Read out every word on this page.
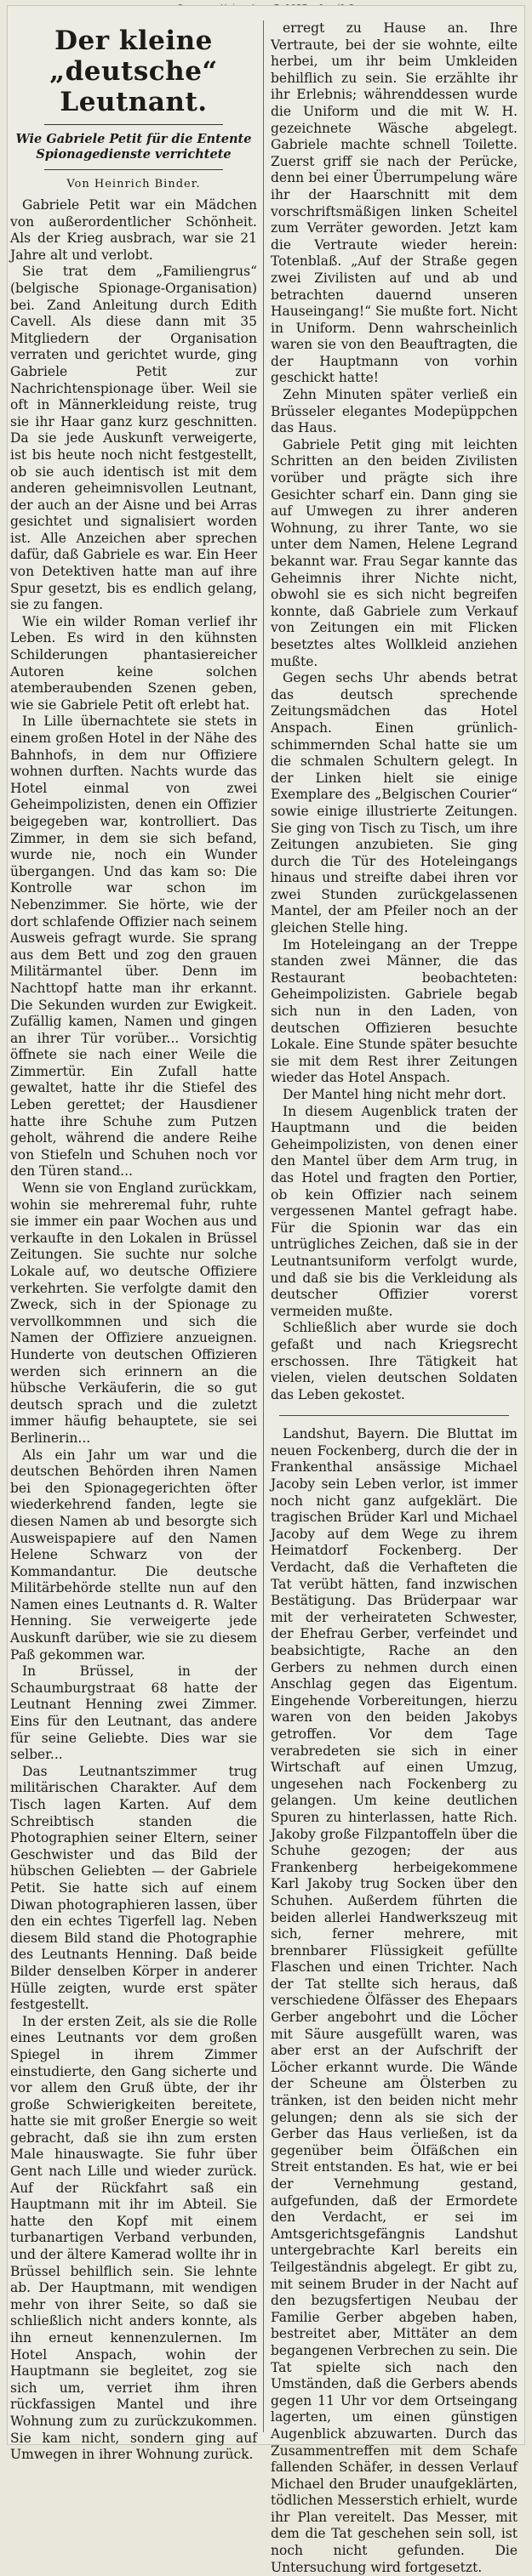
Der kleine „deutsche“ Leutnant.
Wie Gabriele Petit für die Entente Spionagedienste verrichtete
Von Heinrich Binder.

Gabriele Petit war ein Mädchen von außerordentlicher Schönheit. Als der Krieg ausbrach, war sie 21 Jahre alt und verlobt.

Sie trat dem „Familiengrus“ (belgische Spionage-Organisation) bei. Zand Anleitung durch Edith Cavell. Als diese dann mit 35 Mitgliedern der Organisation verraten und gerichtet wurde, ging Gabriele Petit zur Nachrichtenspionage über. Weil sie oft in Männerkleidung reiste, trug sie ihr Haar ganz kurz geschnitten. Da sie jede Auskunft verweigerte, ist bis heute noch nicht festgestellt, ob sie auch identisch ist mit dem anderen geheimnisvollen Leutnant, der auch an der Aisne und bei Arras gesichtet und signalisiert worden ist. Alle Anzeichen aber sprechen dafür, daß Gabriele es war. Ein Heer von Detektiven hatte man auf ihre Spur gesetzt, bis es endlich gelang, sie zu fangen.

Wie ein wilder Roman verlief ihr Leben. Es wird in den kühnsten Schilderungen phantasiereicher Autoren keine solchen atemberaubenden Szenen geben, wie sie Gabriele Petit oft erlebt hat.

In Lille übernachtete sie stets in einem großen Hotel in der Nähe des Bahnhofs, in dem nur Offiziere wohnen durften. Nachts wurde das Hotel einmal von zwei Geheimpolizisten, denen ein Offizier beigegeben war, kontrolliert. Das Zimmer, in dem sie sich befand, wurde nie, noch ein Wunder übergangen. Und das kam so: Die Kontrolle war schon im Nebenzimmer. Sie hörte, wie der dort schlafende Offizier nach seinem Ausweis gefragt wurde. Sie sprang aus dem Bett und zog den grauen Militärmantel über. Denn im Nachttopf hatte man ihr erkannt. Die Sekunden wurden zur Ewigkeit. Zufällig kamen, Namen und gingen an ihrer Tür vorüber... Vorsichtig öffnete sie nach einer Weile die Zimmertür. Ein Zufall hatte gewaltet, hatte ihr die Stiefel des Leben gerettet; der Hausdiener hatte ihre Schuhe zum Putzen geholt, während die andere Reihe von Stiefeln und Schuhen noch vor den Türen stand...

Wenn sie von England zurückkam, wohin sie mehreremal fuhr, ruhte sie immer ein paar Wochen aus und verkaufte in den Lokalen in Brüssel Zeitungen. Sie suchte nur solche Lokale auf, wo deutsche Offiziere verkehrten. Sie verfolgte damit den Zweck, sich in der Spionage zu vervollkommnen und sich die Namen der Offiziere anzueignen. Hunderte von deutschen Offizieren werden sich erinnern an die hübsche Verkäuferin, die so gut deutsch sprach und die zuletzt immer häufig behauptete, sie sei Berlinerin...

Als ein Jahr um war und die deutschen Behörden ihren Namen bei den Spionagegerichten öfter wiederkehrend fanden, legte sie diesen Namen ab und besorgte sich Ausweispapiere auf den Namen Helene Schwarz von der Kommandantur. Die deutsche Militärbehörde stellte nun auf den Namen eines Leutnants d. R. Walter Henning. Sie verweigerte jede Auskunft darüber, wie sie zu diesem Paß gekommen war.

In Brüssel, in der Schaumburgstraat 68 hatte der Leutnant Henning zwei Zimmer. Eins für den Leutnant, das andere für seine Geliebte. Dies war sie selber...

Das Leutnantszimmer trug militärischen Charakter. Auf dem Tisch lagen Karten. Auf dem Schreibtisch standen die Photographien seiner Eltern, seiner Geschwister und das Bild der hübschen Geliebten — der Gabriele Petit. Sie hatte sich auf einem Diwan photographieren lassen, über den ein echtes Tigerfell lag. Neben diesem Bild stand die Photographie des Leutnants Henning. Daß beide Bilder denselben Körper in anderer Hülle zeigten, wurde erst später festgestellt.

In der ersten Zeit, als sie die Rolle eines Leutnants vor dem großen Spiegel in ihrem Zimmer einstudierte, den Gang sicherte und vor allem den Gruß übte, der ihr große Schwierigkeiten bereitete, hatte sie mit großer Energie so weit gebracht, daß sie ihn zum ersten Male hinauswagte. Sie fuhr über Gent nach Lille und wieder zurück. Auf der Rückfahrt saß ein Hauptmann mit ihr im Abteil. Sie hatte den Kopf mit einem turbanartigen Verband verbunden, und der ältere Kamerad wollte ihr in Brüssel behilflich sein. Sie lehnte ab. Der Hauptmann, mit wendigen mehr von ihrer Seite, so daß sie schließlich nicht anders konnte, als ihn erneut kennenzulernen. Im Hotel Anspach, wohin der Hauptmann sie begleitet, zog sie sich um, verriet ihm ihren rückfassigen Mantel und ihre Wohnung zum zu zurückzukommen. Sie kam nicht, sondern ging auf Umwegen in ihrer Wohnung zurück.

erregt zu Hause an. Ihre Vertraute, bei der sie wohnte, eilte herbei, um ihr beim Umkleiden behilflich zu sein. Sie erzählte ihr ihr Erlebnis; währenddessen wurde die Uniform und die mit W. H. gezeichnete Wäsche abgelegt. Gabriele machte schnell Toilette. Zuerst griff sie nach der Perücke, denn bei einer Überrumpelung wäre ihr der Haarschnitt mit dem vorschriftsmäßigen linken Scheitel zum Verräter geworden. Jetzt kam die Vertraute wieder herein: Totenblaß. „Auf der Straße gegen zwei Zivilisten auf und ab und betrachten dauernd unseren Hauseingang!“ Sie mußte fort. Nicht in Uniform. Denn wahrscheinlich waren sie von den Beauftragten, die der Hauptmann von vorhin geschickt hatte!

Zehn Minuten später verließ ein Brüsseler elegantes Modepüppchen das Haus.

Gabriele Petit ging mit leichten Schritten an den beiden Zivilisten vorüber und prägte sich ihre Gesichter scharf ein. Dann ging sie auf Umwegen zu ihrer anderen Wohnung, zu ihrer Tante, wo sie unter dem Namen, Helene Legrand bekannt war. Frau Segar kannte das Geheimnis ihrer Nichte nicht, obwohl sie es sich nicht begreifen konnte, daß Gabriele zum Verkauf von Zeitungen ein mit Flicken besetztes altes Wollkleid anziehen mußte.

Gegen sechs Uhr abends betrat das deutsch sprechende Zeitungsmädchen das Hotel Anspach. Einen grünlich-schimmernden Schal hatte sie um die schmalen Schultern gelegt. In der Linken hielt sie einige Exemplare des „Belgischen Courier“ sowie einige illustrierte Zeitungen. Sie ging von Tisch zu Tisch, um ihre Zeitungen anzubieten. Sie ging durch die Tür des Hoteleingangs hinaus und streifte dabei ihren vor zwei Stunden zurückgelassenen Mantel, der am Pfeiler noch an der gleichen Stelle hing.

Im Hoteleingang an der Treppe standen zwei Männer, die das Restaurant beobachteten: Geheimpolizisten. Gabriele begab sich nun in den Laden, von deutschen Offizieren besuchte Lokale. Eine Stunde später besuchte sie mit dem Rest ihrer Zeitungen wieder das Hotel Anspach.

Der Mantel hing nicht mehr dort.

In diesem Augenblick traten der Hauptmann und die beiden Geheimpolizisten, von denen einer den Mantel über dem Arm trug, in das Hotel und fragten den Portier, ob kein Offizier nach seinem vergessenen Mantel gefragt habe. Für die Spionin war das ein untrügliches Zeichen, daß sie in der Leutnantsuniform verfolgt wurde, und daß sie bis die Verkleidung als deutscher Offizier vorerst vermeiden mußte.

Schließlich aber wurde sie doch gefaßt und nach Kriegsrecht erschossen. Ihre Tätigkeit hat vielen, vielen deutschen Soldaten das Leben gekostet.

Landshut, Bayern. Die Bluttat im neuen Fockenberg, durch die der in Frankenthal ansässige Michael Jacoby sein Leben verlor, ist immer noch nicht ganz aufgeklärt. Die tragischen Brüder Karl und Michael Jacoby auf dem Wege zu ihrem Heimatdorf Fockenberg. Der Verdacht, daß die Verhafteten die Tat verübt hätten, fand inzwischen Bestätigung. Das Brüderpaar war mit der verheirateten Schwester, der Ehefrau Gerber, verfeindet und beabsichtigte, Rache an den Gerbers zu nehmen durch einen Anschlag gegen das Eigentum. Eingehende Vorbereitungen, hierzu waren von den beiden Jakobys getroffen. Vor dem Tage verabredeten sie sich in einer Wirtschaft auf einen Umzug, ungesehen nach Fockenberg zu gelangen. Um keine deutlichen Spuren zu hinterlassen, hatte Rich. Jakoby große Filzpantoffeln über die Schuhe gezogen; der aus Frankenberg herbeigekommene Karl Jakoby trug Socken über den Schuhen. Außerdem führten die beiden allerlei Handwerkszeug mit sich, ferner mehrere, mit brennbarer Flüssigkeit gefüllte Flaschen und einen Trichter. Nach der Tat stellte sich heraus, daß verschiedene Ölfässer des Ehepaars Gerber angebohrt und die Löcher mit Säure ausgefüllt waren, was aber erst an der Aufschrift der Löcher erkannt wurde. Die Wände der Scheune am Ölsterben zu tränken, ist den beiden nicht mehr gelungen; denn als sie sich der Gerber das Haus verließen, ist da gegenüber beim Ölfäßchen ein Streit entstanden. Es hat, wie er bei der Vernehmung gestand, aufgefunden, daß der Ermordete den Verdacht, er sei im Amtsgerichtsgefängnis Landshut untergebrachte Karl bereits ein Teilgeständnis abgelegt. Er gibt zu, mit seinem Bruder in der Nacht auf den bezugsfertigen Neubau der Familie Gerber abgeben haben, bestreitet aber, Mittäter an dem begangenen Verbrechen zu sein. Die Tat spielte sich nach den Umständen, daß die Gerbers abends gegen 11 Uhr vor dem Ortseingang lagerten, um einen günstigen Augenblick abzuwarten. Durch das Zusammentreffen mit dem Schafe fallenden Schäfer, in dessen Verlauf Michael den Bruder unaufgeklärten, tödlichen Messerstich erhielt, wurde ihr Plan vereitelt. Das Messer, mit dem die Tat geschehen sein soll, ist noch nicht gefunden. Die Untersuchung wird fortgesetzt.
